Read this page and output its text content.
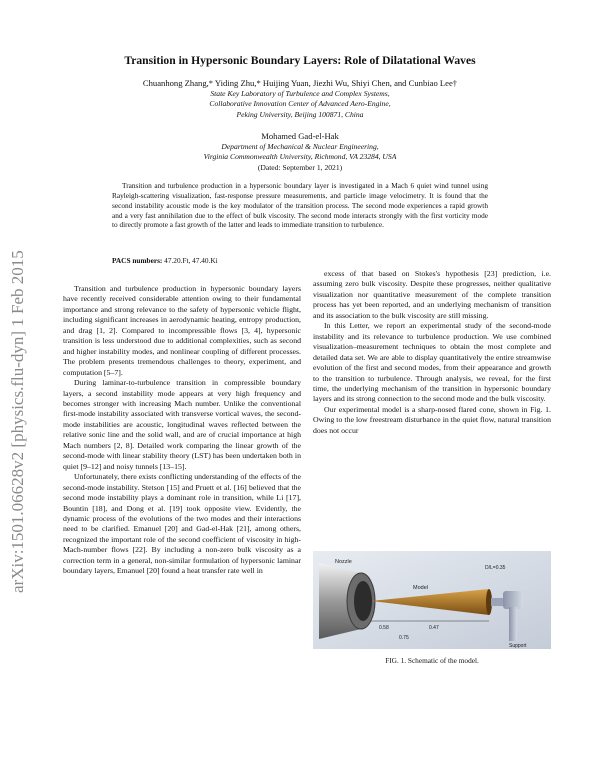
arXiv:1501.06628v2 [physics.flu-dyn] 1 Feb 2015
Transition in Hypersonic Boundary Layers: Role of Dilatational Waves
Chuanhong Zhang,* Yiding Zhu,* Huijing Yuan, Jiezhi Wu, Shiyi Chen, and Cunbiao Lee†
State Key Laboratory of Turbulence and Complex Systems,
Collaborative Innovation Center of Advanced Aero-Engine,
Peking University, Beijing 100871, China
Mohamed Gad-el-Hak
Department of Mechanical & Nuclear Engineering,
Virginia Commonwealth University, Richmond, VA 23284, USA
(Dated: September 1, 2021)
Transition and turbulence production in a hypersonic boundary layer is investigated in a Mach 6 quiet wind tunnel using Rayleigh-scattering visualization, fast-response pressure measurements, and particle image velocimetry. It is found that the second instability acoustic mode is the key modulator of the transition process. The second mode experiences a rapid growth and a very fast annihilation due to the effect of bulk viscosity. The second mode interacts strongly with the first vorticity mode to directly promote a fast growth of the latter and leads to immediate transition to turbulence.
PACS numbers: 47.20.Ft, 47.40.Ki

Transition and turbulence production in hypersonic boundary layers have recently received considerable attention owing to their fundamental importance and strong relevance to the safety of hypersonic vehicle flight, including significant increases in aerodynamic heating, entropy production, and drag [1, 2]. Compared to incompressible flows [3, 4], hypersonic transition is less understood due to additional complexities, such as second and higher instability modes, and nonlinear coupling of different processes. The problem presents tremendous challenges to theory, experiment, and computation [5–7].

During laminar-to-turbulence transition in compressible boundary layers, a second instability mode appears at very high frequency and becomes stronger with increasing Mach number. Unlike the conventional first-mode instability associated with transverse vortical waves, the second-mode instabilities are acoustic, longitudinal waves reflected between the relative sonic line and the solid wall, and are of crucial importance at high Mach numbers [2, 8]. Detailed work comparing the linear growth of the second-mode with linear stability theory (LST) has been undertaken both in quiet [9–12] and noisy tunnels [13–15].

Unfortunately, there exists conflicting understanding of the effects of the second-mode instability. Stetson [15] and Pruett et al. [16] believed that the second mode instability plays a dominant role in transition, while Li [17], Bountin [18], and Dong et al. [19] took opposite view. Evidently, the dynamic process of the evolutions of the two modes and their interactions need to be clarified. Emanuel [20] and Gad-el-Hak [21], among others, recognized the important role of the second coefficient of viscosity in high-Mach-number flows [22]. By including a non-zero bulk viscosity as a correction term in a general, non-similar formulation of hypersonic laminar boundary layers, Emanuel [20] found a heat transfer rate well in

excess of that based on Stokes's hypothesis [23] prediction, i.e. assuming zero bulk viscosity. Despite these progresses, neither qualitative visualization nor quantitative measurement of the complete transition process has yet been reported, and an underlying mechanism of transition and its association to the bulk viscosity are still missing.

In this Letter, we report an experimental study of the second-mode instability and its relevance to turbulence production. We use combined visualization–measurement techniques to obtain the most complete and detailed data set. We are able to display quantitatively the entire streamwise evolution of the first and second modes, from their appearance and growth to the transition to turbulence. Through analysis, we reveal, for the first time, the underlying mechanism of the transition in hypersonic boundary layers and its strong connection to the second mode and the bulk viscosity.

Our experimental model is a sharp-nosed flared cone, shown in Fig. 1. Owing to the low freestream disturbance in the quiet flow, natural transition does not occur

Nozzle
Model
D/L=0.35
0.58	0.47
0.75
Support
FIG. 1. Schematic of the model.
